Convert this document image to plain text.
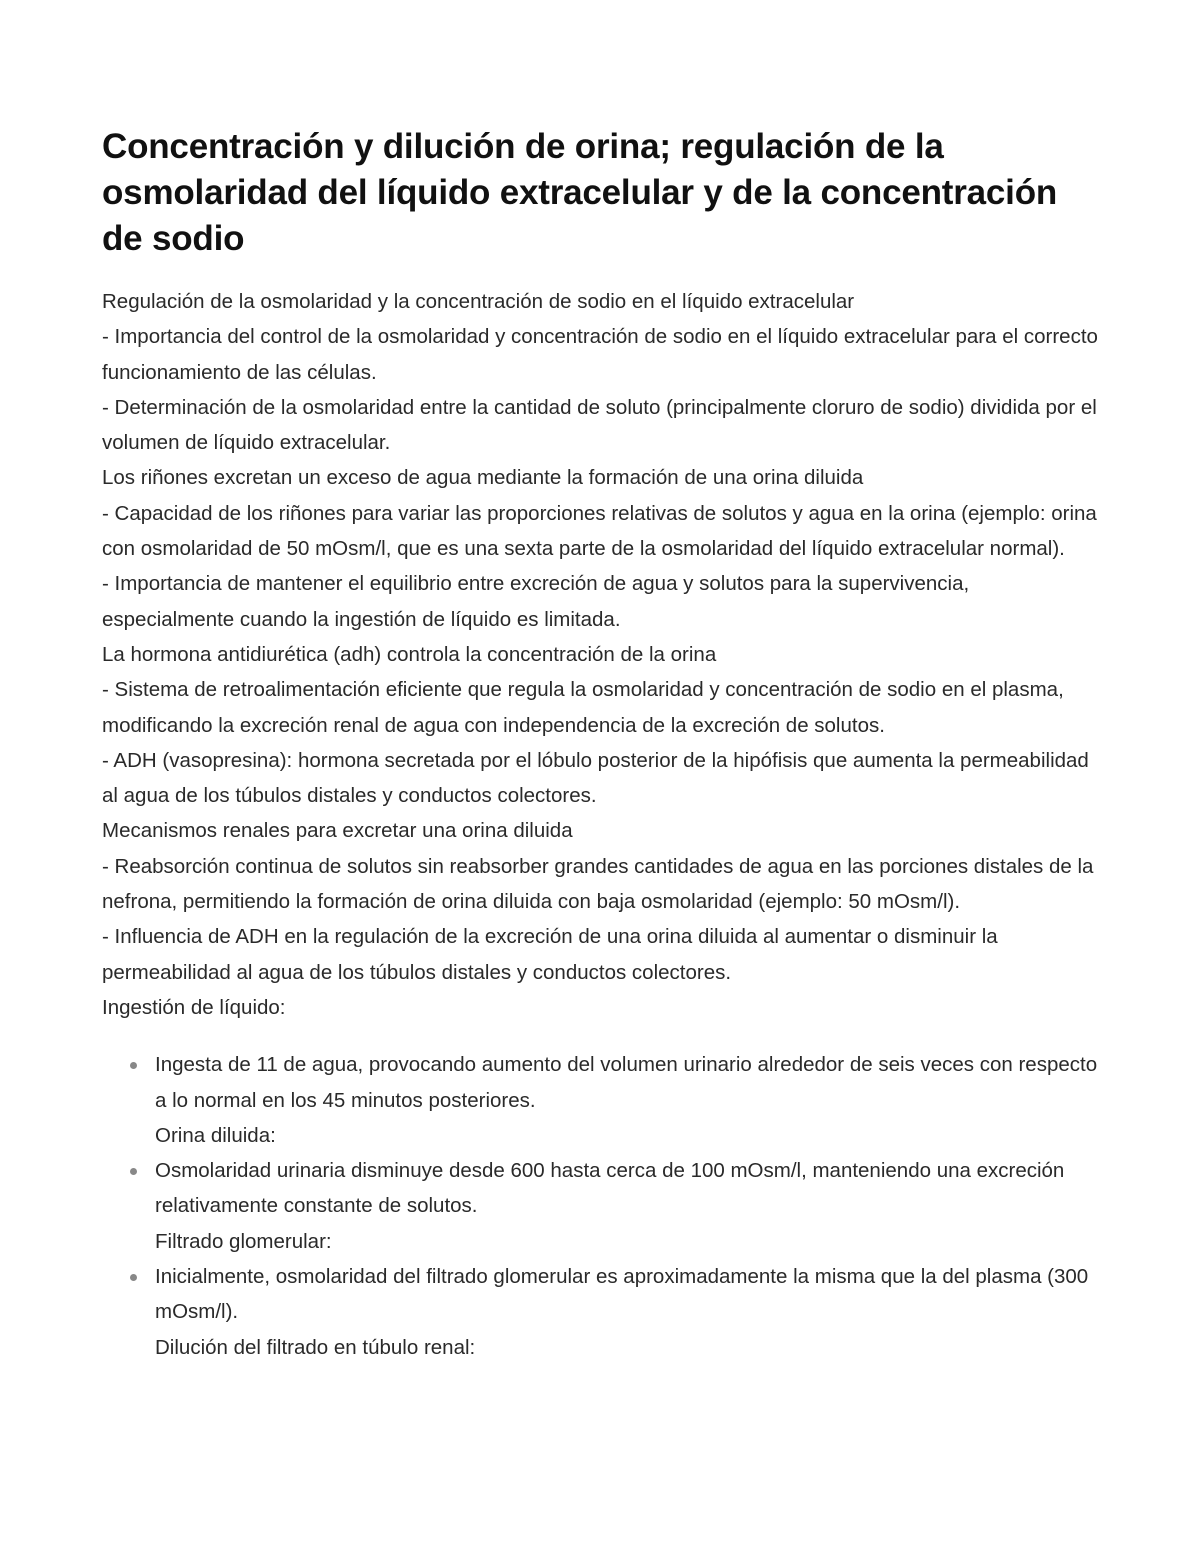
Concentración y dilución de orina; regulación de la osmolaridad del líquido extracelular y de la concentración de sodio
Regulación de la osmolaridad y la concentración de sodio en el líquido extracelular
- Importancia del control de la osmolaridad y concentración de sodio en el líquido extracelular para el correcto funcionamiento de las células.
- Determinación de la osmolaridad entre la cantidad de soluto (principalmente cloruro de sodio) dividida por el volumen de líquido extracelular.
Los riñones excretan un exceso de agua mediante la formación de una orina diluida
- Capacidad de los riñones para variar las proporciones relativas de solutos y agua en la orina (ejemplo: orina con osmolaridad de 50 mOsm/l, que es una sexta parte de la osmolaridad del líquido extracelular normal).
- Importancia de mantener el equilibrio entre excreción de agua y solutos para la supervivencia, especialmente cuando la ingestión de líquido es limitada.
La hormona antidiurética (adh) controla la concentración de la orina
- Sistema de retroalimentación eficiente que regula la osmolaridad y concentración de sodio en el plasma, modificando la excreción renal de agua con independencia de la excreción de solutos.
- ADH (vasopresina): hormona secretada por el lóbulo posterior de la hipófisis que aumenta la permeabilidad al agua de los túbulos distales y conductos colectores.
Mecanismos renales para excretar una orina diluida
- Reabsorción continua de solutos sin reabsorber grandes cantidades de agua en las porciones distales de la nefrona, permitiendo la formación de orina diluida con baja osmolaridad (ejemplo: 50 mOsm/l).
- Influencia de ADH en la regulación de la excreción de una orina diluida al aumentar o disminuir la permeabilidad al agua de los túbulos distales y conductos colectores.
Ingestión de líquido:
Ingesta de 11 de agua, provocando aumento del volumen urinario alrededor de seis veces con respecto a lo normal en los 45 minutos posteriores.
Orina diluida:
Osmolaridad urinaria disminuye desde 600 hasta cerca de 100 mOsm/l, manteniendo una excreción relativamente constante de solutos.
Filtrado glomerular:
Inicialmente, osmolaridad del filtrado glomerular es aproximadamente la misma que la del plasma (300 mOsm/l).
Dilución del filtrado en túbulo renal:
